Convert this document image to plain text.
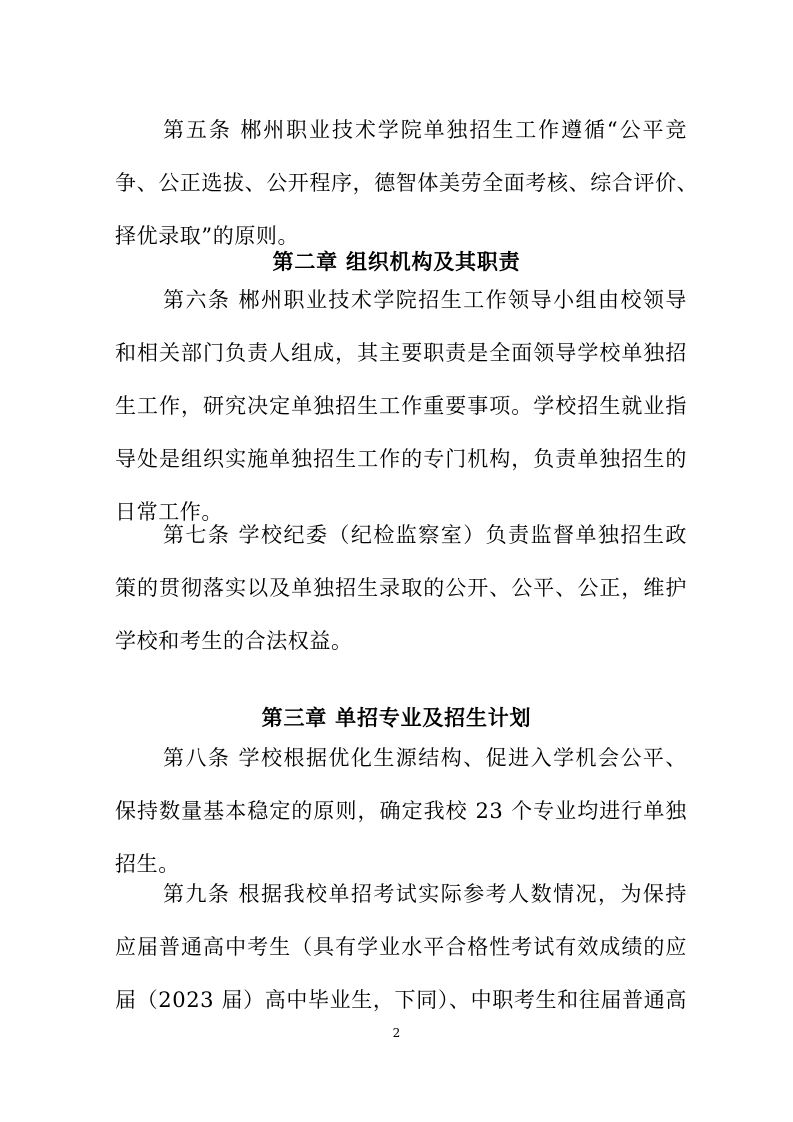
第五条 郴州职业技术学院单独招生工作遵循“公平竞
争、公正选拔、公开程序，德智体美劳全面考核、综合评价、
择优录取”的原则。
第二章 组织机构及其职责
第六条 郴州职业技术学院招生工作领导小组由校领导
和相关部门负责人组成，其主要职责是全面领导学校单独招
生工作，研究决定单独招生工作重要事项。学校招生就业指
导处是组织实施单独招生工作的专门机构，负责单独招生的
日常工作。
第七条 学校纪委（纪检监察室）负责监督单独招生政
策的贯彻落实以及单独招生录取的公开、公平、公正，维护
学校和考生的合法权益。
第三章 单招专业及招生计划
第八条 学校根据优化生源结构、促进入学机会公平、
保持数量基本稳定的原则，确定我校 23 个专业均进行单独
招生。
第九条 根据我校单招考试实际参考人数情况，为保持
应届普通高中考生（具有学业水平合格性考试有效成绩的应
届（2023 届）高中毕业生，下同）、中职考生和往届普通高
2
